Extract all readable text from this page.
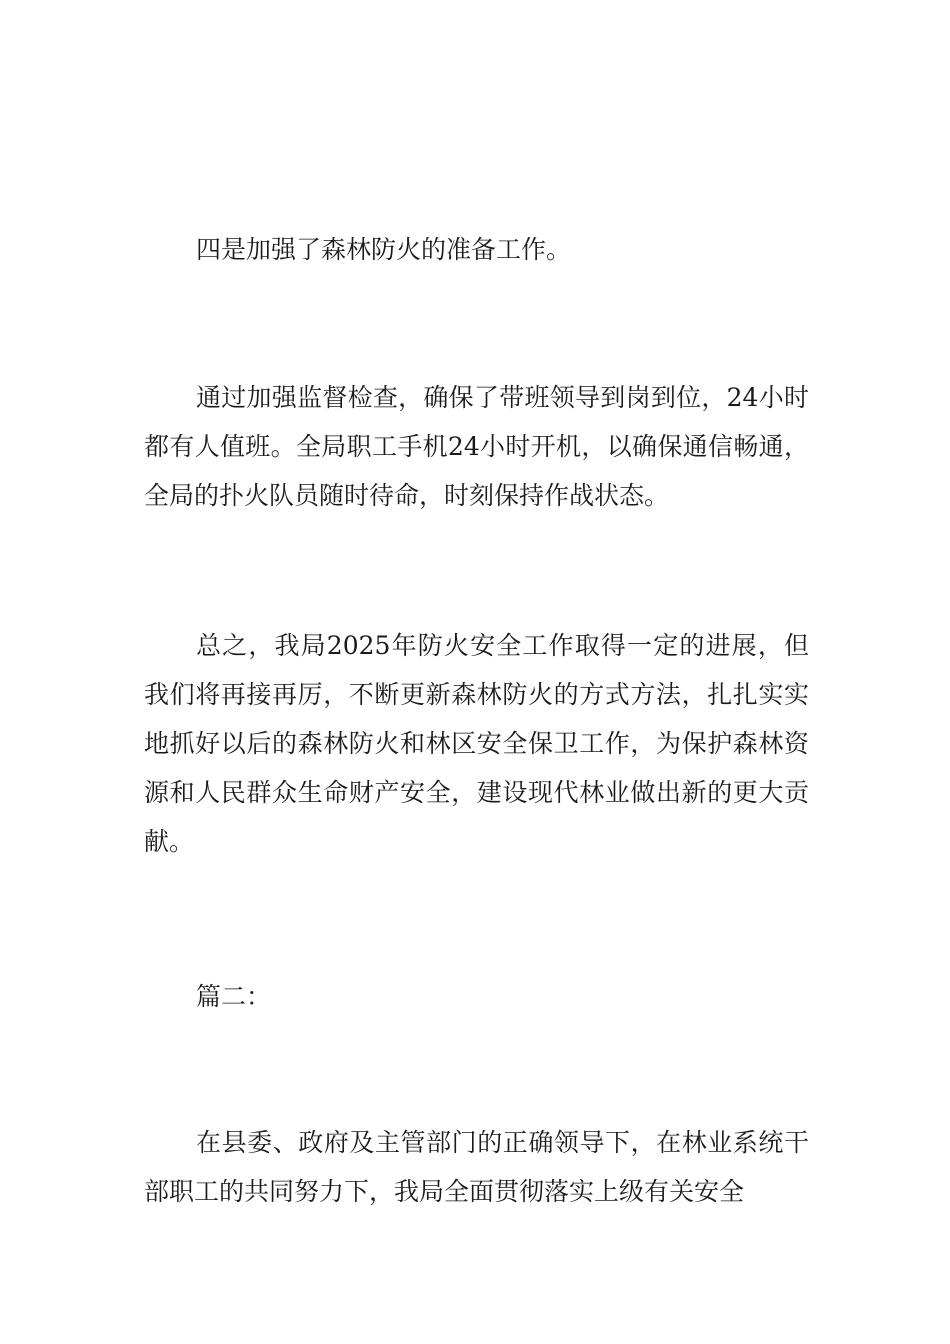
四是加强了森林防火的准备工作。

通过加强监督检查，确保了带班领导到岗到位，24小时都有人值班。全局职工手机24小时开机，以确保通信畅通，全局的扑火队员随时待命，时刻保持作战状态。

总之，我局2025年防火安全工作取得一定的进展，但我们将再接再厉，不断更新森林防火的方式方法，扎扎实实地抓好以后的森林防火和林区安全保卫工作，为保护森林资源和人民群众生命财产安全，建设现代林业做出新的更大贡献。

篇二：

在县委、政府及主管部门的正确领导下，在林业系统干部职工的共同努力下，我局全面贯彻落实上级有关安全
